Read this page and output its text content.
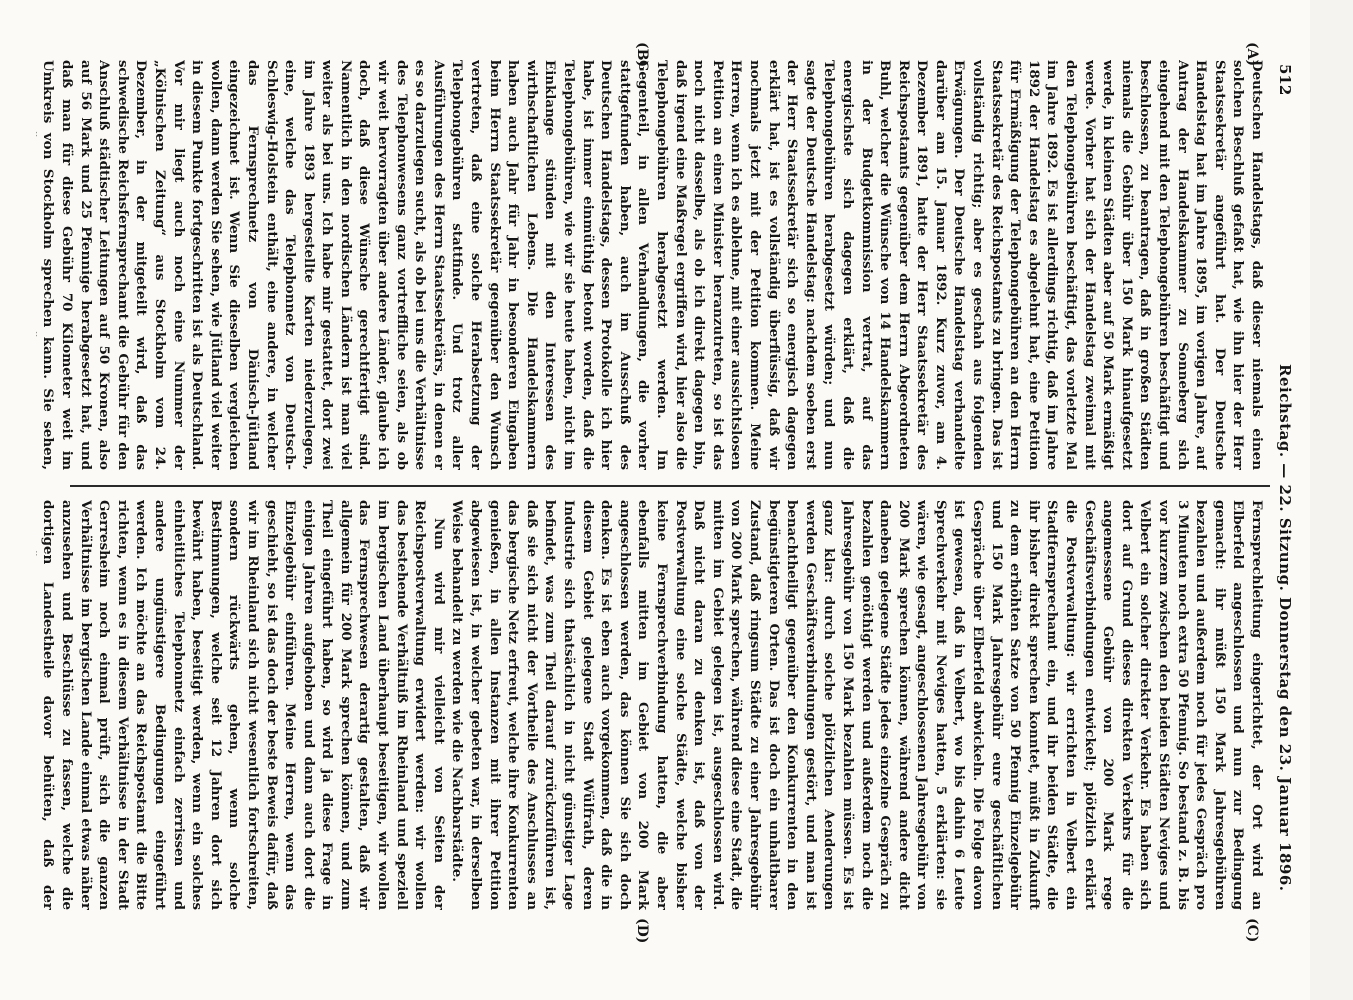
512
Reichstag. — 22. Sitzung. Donnerstag den 23. Januar 1896.
(A)
(B)
(C)
(D)

Deutschen Handelstags, daß dieser niemals einen solchen Beschluß gefaßt hat, wie ihn hier der Herr Staatssekretär angeführt hat. Der Deutsche Handelstag hat im Jahre 1895, im vorigen Jahre, auf Antrag der Handelskammer zu Sonneberg sich eingehend mit den Telephongebühren beschäftigt und beschlossen, zu beantragen, daß in großen Städten niemals die Gebühr über 150 Mark hinaufgesetzt werde, in kleinen Städten aber auf 50 Mark ermäßigt werde. Vorher hat sich der Handelstag zweimal mit den Telephongebühren beschäftigt, das vorletzte Mal im Jahre 1892. Es ist allerdings richtig, daß im Jahre 1892 der Handelstag es abgelehnt hat, eine Petition für Ermäßigung der Telephongebühren an den Herrn Staatssekretär des Reichspostamts zu bringen. Das ist vollständig richtig; aber es geschah aus folgenden Erwägungen. Der Deutsche Handelstag verhandelte darüber am 15. Januar 1892. Kurz zuvor, am 4. Dezember 1891, hatte der Herr Staatssekretär des Reichspostamts gegenüber dem Herrn Abgeordneten Buhl, welcher die Wünsche von 14 Handelskammern in der Budgetkommission vertrat, auf das energischste sich dagegen erklärt, daß die Telephongebühren herabgesetzt würden; und nun sagte der Deutsche Handelstag: nachdem soeben erst der Herr Staatssekretär sich so energisch dagegen erklärt hat, ist es vollständig überflüssig, daß wir nochmals jetzt mit der Petition kommen. Meine Herren, wenn ich es ablehne, mit einer aussichtslosen Petition an einen Minister heranzutreten, so ist das noch nicht dasselbe, als ob ich direkt dagegen bin, daß irgend eine Maßregel ergriffen wird, hier also die Telephongebühren herabgesetzt werden. Im Gegenteil, in allen Verhandlungen, die vorher stattgefunden haben, auch im Ausschuß des Deutschen Handelstags, dessen Protokolle ich hier habe, ist immer einmüthig betont worden, daß die Telephongebühren, wie wir sie heute haben, nicht im Einklange stünden mit den Interessen des wirthschaftlichen Lebens. Die Handelskammern haben auch Jahr für Jahr in besonderen Eingaben beim Herrn Staatssekretär gegenüber den Wunsch vertreten, daß eine solche Herabsetzung der Telephongebühren stattfinde. Und trotz aller Ausführungen des Herrn Staatssekretärs, in denen er es so darzulegen sucht, als ob bei uns die Verhältnisse des Telephonwesens ganz vortreffliche seien, als ob wir weit hervorragten über andere Länder, glaube ich doch, daß diese Wünsche gerechtfertigt sind. Namentlich in den nordischen Ländern ist man viel weiter als bei uns. Ich habe mir gestattet, dort zwei im Jahre 1893 hergestellte Karten niederzulegen, eine, welche das Telephonnetz von Deutsch-Schleswig-Holstein enthält, eine andere, in welcher das Fernsprechnetz von Dänisch-Jütland eingezeichnet ist. Wenn Sie dieselben vergleichen wollen, dann werden Sie sehen, wie Jütland viel weiter in diesem Punkte fortgeschritten ist als Deutschland. Vor mir liegt auch noch eine Nummer der „Kölnischen Zeitung“ aus Stockholm vom 24. Dezember, in der mitgeteilt wird, daß das schwedische Reichsfernsprechamt die Gebühr für den Anschluß städtischer Leitungen auf 50 Kronen, also auf 56 Mark und 25 Pfennige herabgesetzt hat, und daß man für diese Gebühr 70 Kilometer weit im Umkreis von Stockholm sprechen kann. Sie sehen,

Fernsprechleitung eingerichtet, der Ort wird an Elberfeld angeschlossen und nun zur Bedingung gemacht: ihr müßt 150 Mark Jahresgebühren bezahlen und außerdem noch für jedes Gespräch pro 3 Minuten noch extra 50 Pfennig. So bestand z. B. bis vor kurzem zwischen den beiden Städten Neviges und Velbert ein solcher direkter Verkehr. Es haben sich dort auf Grund dieses direkten Verkehrs für die angemessene Gebühr von 200 Mark rege Geschäftsverbindungen entwickelt; plötzlich erklärt die Postverwaltung: wir errichten in Velbert ein Stadtfernsprechamt ein, und ihr beiden Städte, die ihr bisher direkt sprechen konntet, müßt in Zukunft zu dem erhöhten Satze von 50 Pfennig Einzelgebühr und 150 Mark Jahresgebühr eure geschäftlichen Gespräche über Elberfeld abwickeln. Die Folge davon ist gewesen, daß in Velbert, wo bis dahin 6 Leute Sprechverkehr mit Neviges hatten, 5 erklärten: sie wären, wie gesagt, angeschlossenen Jahresgebühr von 200 Mark sprechen können, während andere dicht daneben gelegene Städte jedes einzelne Gespräch zu bezahlen genöthigt werden und außerdem noch die Jahresgebühr von 150 Mark bezahlen müssen. Es ist ganz klar: durch solche plötzlichen Aenderungen werden Geschäftsverbindungen gestört, und man ist benachtheiligt gegenüber den Konkurrenten in den begünstigteren Orten. Das ist doch ein unhaltbarer Zustand, daß ringsum Städte zu einer Jahresgebühr von 200 Mark sprechen, während diese eine Stadt, die mitten im Gebiet gelegen ist, ausgeschlossen wird. Daß nicht daran zu denken ist, daß von der Postverwaltung eine solche Städte, welche bisher keine Fernsprechverbindung hatten, die aber ebenfalls mitten im Gebiet von 200 Mark angeschlossen werden, das können Sie sich doch denken. Es ist eben auch vorgekommen, daß die in diesem Gebiet gelegene Stadt Wülfrath, deren Industrie sich thatsächlich in nicht günstiger Lage befindet, was zum Theil darauf zurückzuführen ist, daß sie sich nicht der Vortheile des Anschlusses an das bergische Netz erfreut, welche ihre Konkurrenten genießen, in allen Instanzen mit ihrer Petition abgewiesen ist, in welcher gebeten war, in derselben Weise behandelt zu werden wie die Nachbarstädte.

Nun wird mir vielleicht von Seiten der Reichspostverwaltung erwidert werden: wir wollen das bestehende Verhältniß im Rheinland und speziell im bergischen Land überhaupt beseitigen, wir wollen das Fernsprechwesen derartig gestalten, daß wir allgemein für 200 Mark sprechen können, und zum Theil eingeführt haben, so wird ja diese Frage in einigen Jahren aufgehoben und dann auch dort die Einzelgebühr einführen. Meine Herren, wenn das geschieht, so ist das doch der beste Beweis dafür, daß wir im Rheinland sich nicht wesentlich fortschreiten, sondern rückwärts gehen, wenn solche Bestimmungen, welche seit 12 Jahren dort sich bewährt haben, beseitigt werden, wenn ein solches einheitliches Telephonnetz einfach zerrissen und andere ungünstigere Bedingungen eingeführt werden. Ich möchte an das Reichspostamt die Bitte richten, wenn es in diesem Verhältnisse in der Stadt Gerresheim noch einmal prüft, sich die ganzen Verhältnisse im bergischen Lande einmal etwas näher anzusehen und Beschlüsse zu fassen, welche die dortigen Landestheile davor behüten, daß der
